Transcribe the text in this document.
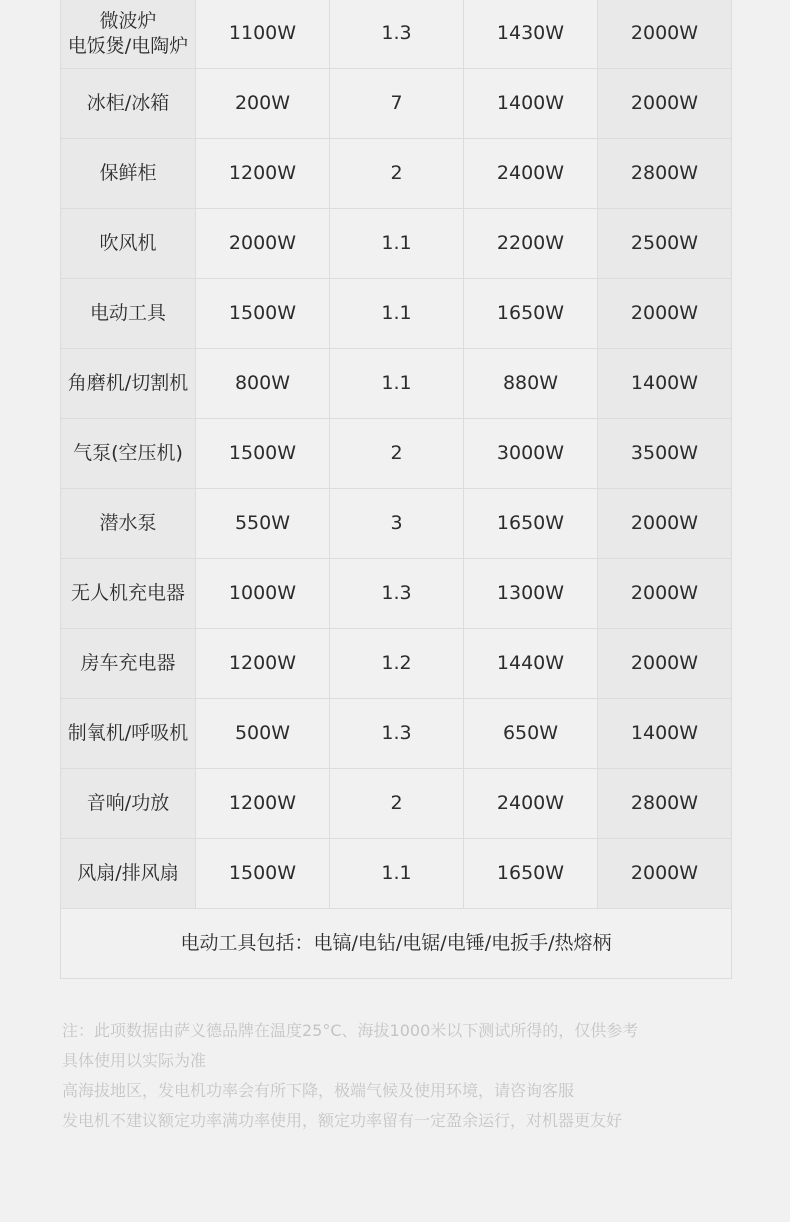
微波炉
电饭煲/电陶炉	1100W	1.3	1430W	2000W
冰柜/冰箱	200W	7	1400W	2000W
保鲜柜	1200W	2	2400W	2800W
吹风机	2000W	1.1	2200W	2500W
电动工具	1500W	1.1	1650W	2000W
角磨机/切割机	800W	1.1	880W	1400W
气泵(空压机)	1500W	2	3000W	3500W
潜水泵	550W	3	1650W	2000W
无人机充电器	1000W	1.3	1300W	2000W
房车充电器	1200W	1.2	1440W	2000W
制氧机/呼吸机	500W	1.3	650W	1400W
音响/功放	1200W	2	2400W	2800W
风扇/排风扇	1500W	1.1	1650W	2000W
电动工具包括：电镐/电钻/电锯/电锤/电扳手/热熔柄				
注：此项数据由萨义德品牌在温度25°C、海拔1000米以下测试所得的，仅供参考
具体使用以实际为准
高海拔地区，发电机功率会有所下降，极端气候及使用环境，请咨询客服
发电机不建议额定功率满功率使用，额定功率留有一定盈余运行，对机器更友好
